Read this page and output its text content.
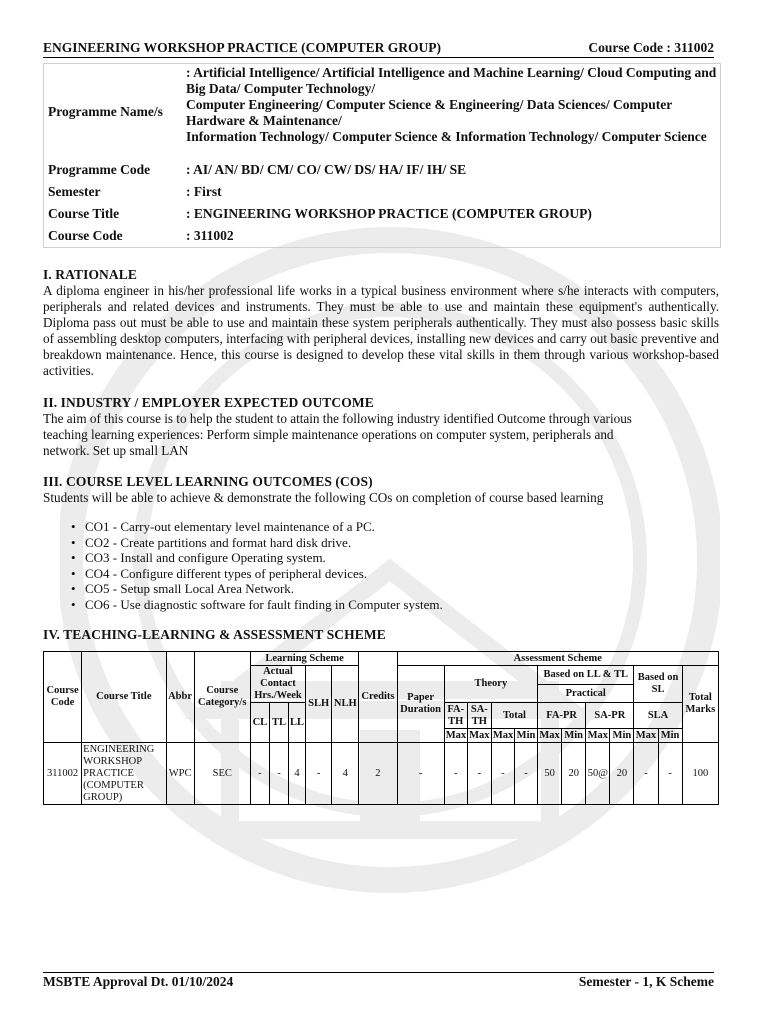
ENGINEERING WORKSHOP PRACTICE (COMPUTER GROUP)	Course Code : 311002
Programme Name/s
: Artificial Intelligence/ Artificial Intelligence and Machine Learning/ Cloud Computing and Big Data/ Computer Technology/
Computer Engineering/ Computer Science & Engineering/ Data Sciences/ Computer Hardware & Maintenance/
Information Technology/ Computer Science & Information Technology/ Computer Science
Programme Code	: AI/ AN/ BD/ CM/ CO/ CW/ DS/ HA/ IF/ IH/ SE
Semester	: First
Course Title	: ENGINEERING WORKSHOP PRACTICE (COMPUTER GROUP)
Course Code	: 311002
I. RATIONALE

A diploma engineer in his/her professional life works in a typical business environment where s/he interacts with computers, peripherals and related devices and instruments. They must be able to use and maintain these equipment's authentically. Diploma pass out must be able to use and maintain these system peripherals authentically. They must also possess basic skills of assembling desktop computers, interfacing with peripheral devices, installing new devices and carry out basic preventive and breakdown maintenance. Hence, this course is designed to develop these vital skills in them through various workshop-based activities.

II. INDUSTRY / EMPLOYER EXPECTED OUTCOME
The aim of this course is to help the student to attain the following industry identified Outcome through various
teaching learning experiences: Perform simple maintenance operations on computer system, peripherals and
network. Set up small LAN
III. COURSE LEVEL LEARNING OUTCOMES (COS)
Students will be able to achieve & demonstrate the following COs on completion of course based learning
• CO1 - Carry-out elementary level maintenance of a PC.
• CO2 - Create partitions and format hard disk drive.
• CO3 - Install and configure Operating system.
• CO4 - Configure different types of peripheral devices.
• CO5 - Setup small Local Area Network.
• CO6 - Use diagnostic software for fault finding in Computer system.
IV. TEACHING-LEARNING & ASSESSMENT SCHEME
Course Code	Course Title	Abbr	Course Category/s	Learning Scheme					Credits	Assessment Scheme											
				Actual Contact Hrs./Week			SLH	NLH		Paper Duration	Theory				Based on LL & TL				Based on SL		Total Marks
															Practical						
				CL	TL	LL					FA-TH	SA-TH	Total		FA-PR		SA-PR		SLA		
											Max	Max	Max	Min	Max	Min	Max	Min	Max	Min	
311002	ENGINEERING WORKSHOP PRACTICE (COMPUTER GROUP)	WPC	SEC	-	-	4	-	4	2	-	-	-	-	-	50	20	50@	20	-	-	100
MSBTE Approval Dt. 01/10/2024	Semester - 1, K Scheme
